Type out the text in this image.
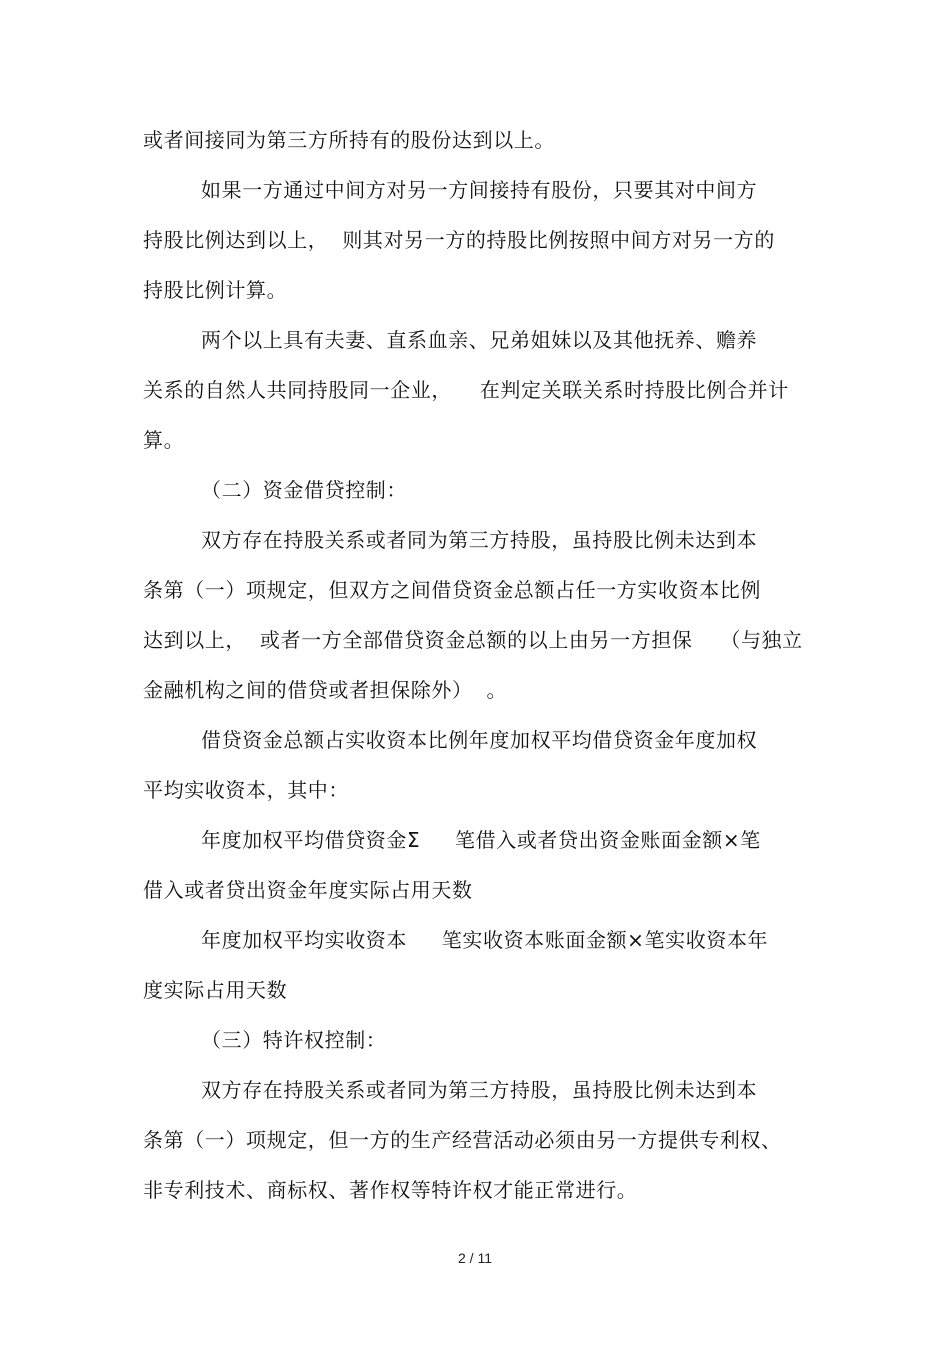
或者间接同为第三方所持有的股份达到以上。

如果一方通过中间方对另一方间接持有股份，只要其对中间方

持股比例达到以上，  则其对另一方的持股比例按照中间方对另一方的

持股比例计算。

两个以上具有夫妻、直系血亲、兄弟姐妹以及其他抚养、赡养

关系的自然人共同持股同一企业，    在判定关联关系时持股比例合并计

算。

（二）资金借贷控制：

双方存在持股关系或者同为第三方持股，虽持股比例未达到本

条第（一）项规定，但双方之间借贷资金总额占任一方实收资本比例

达到以上，  或者一方全部借贷资金总额的以上由另一方担保    （与独立

金融机构之间的借贷或者担保除外）  。

借贷资金总额占实收资本比例年度加权平均借贷资金年度加权

平均实收资本，其中：

年度加权平均借贷资金Σ     笔借入或者贷出资金账面金额×笔

借入或者贷出资金年度实际占用天数

年度加权平均实收资本     笔实收资本账面金额×笔实收资本年

度实际占用天数

（三）特许权控制：

双方存在持股关系或者同为第三方持股，虽持股比例未达到本

条第（一）项规定，但一方的生产经营活动必须由另一方提供专利权、

非专利技术、商标权、著作权等特许权才能正常进行。

2 / 11
